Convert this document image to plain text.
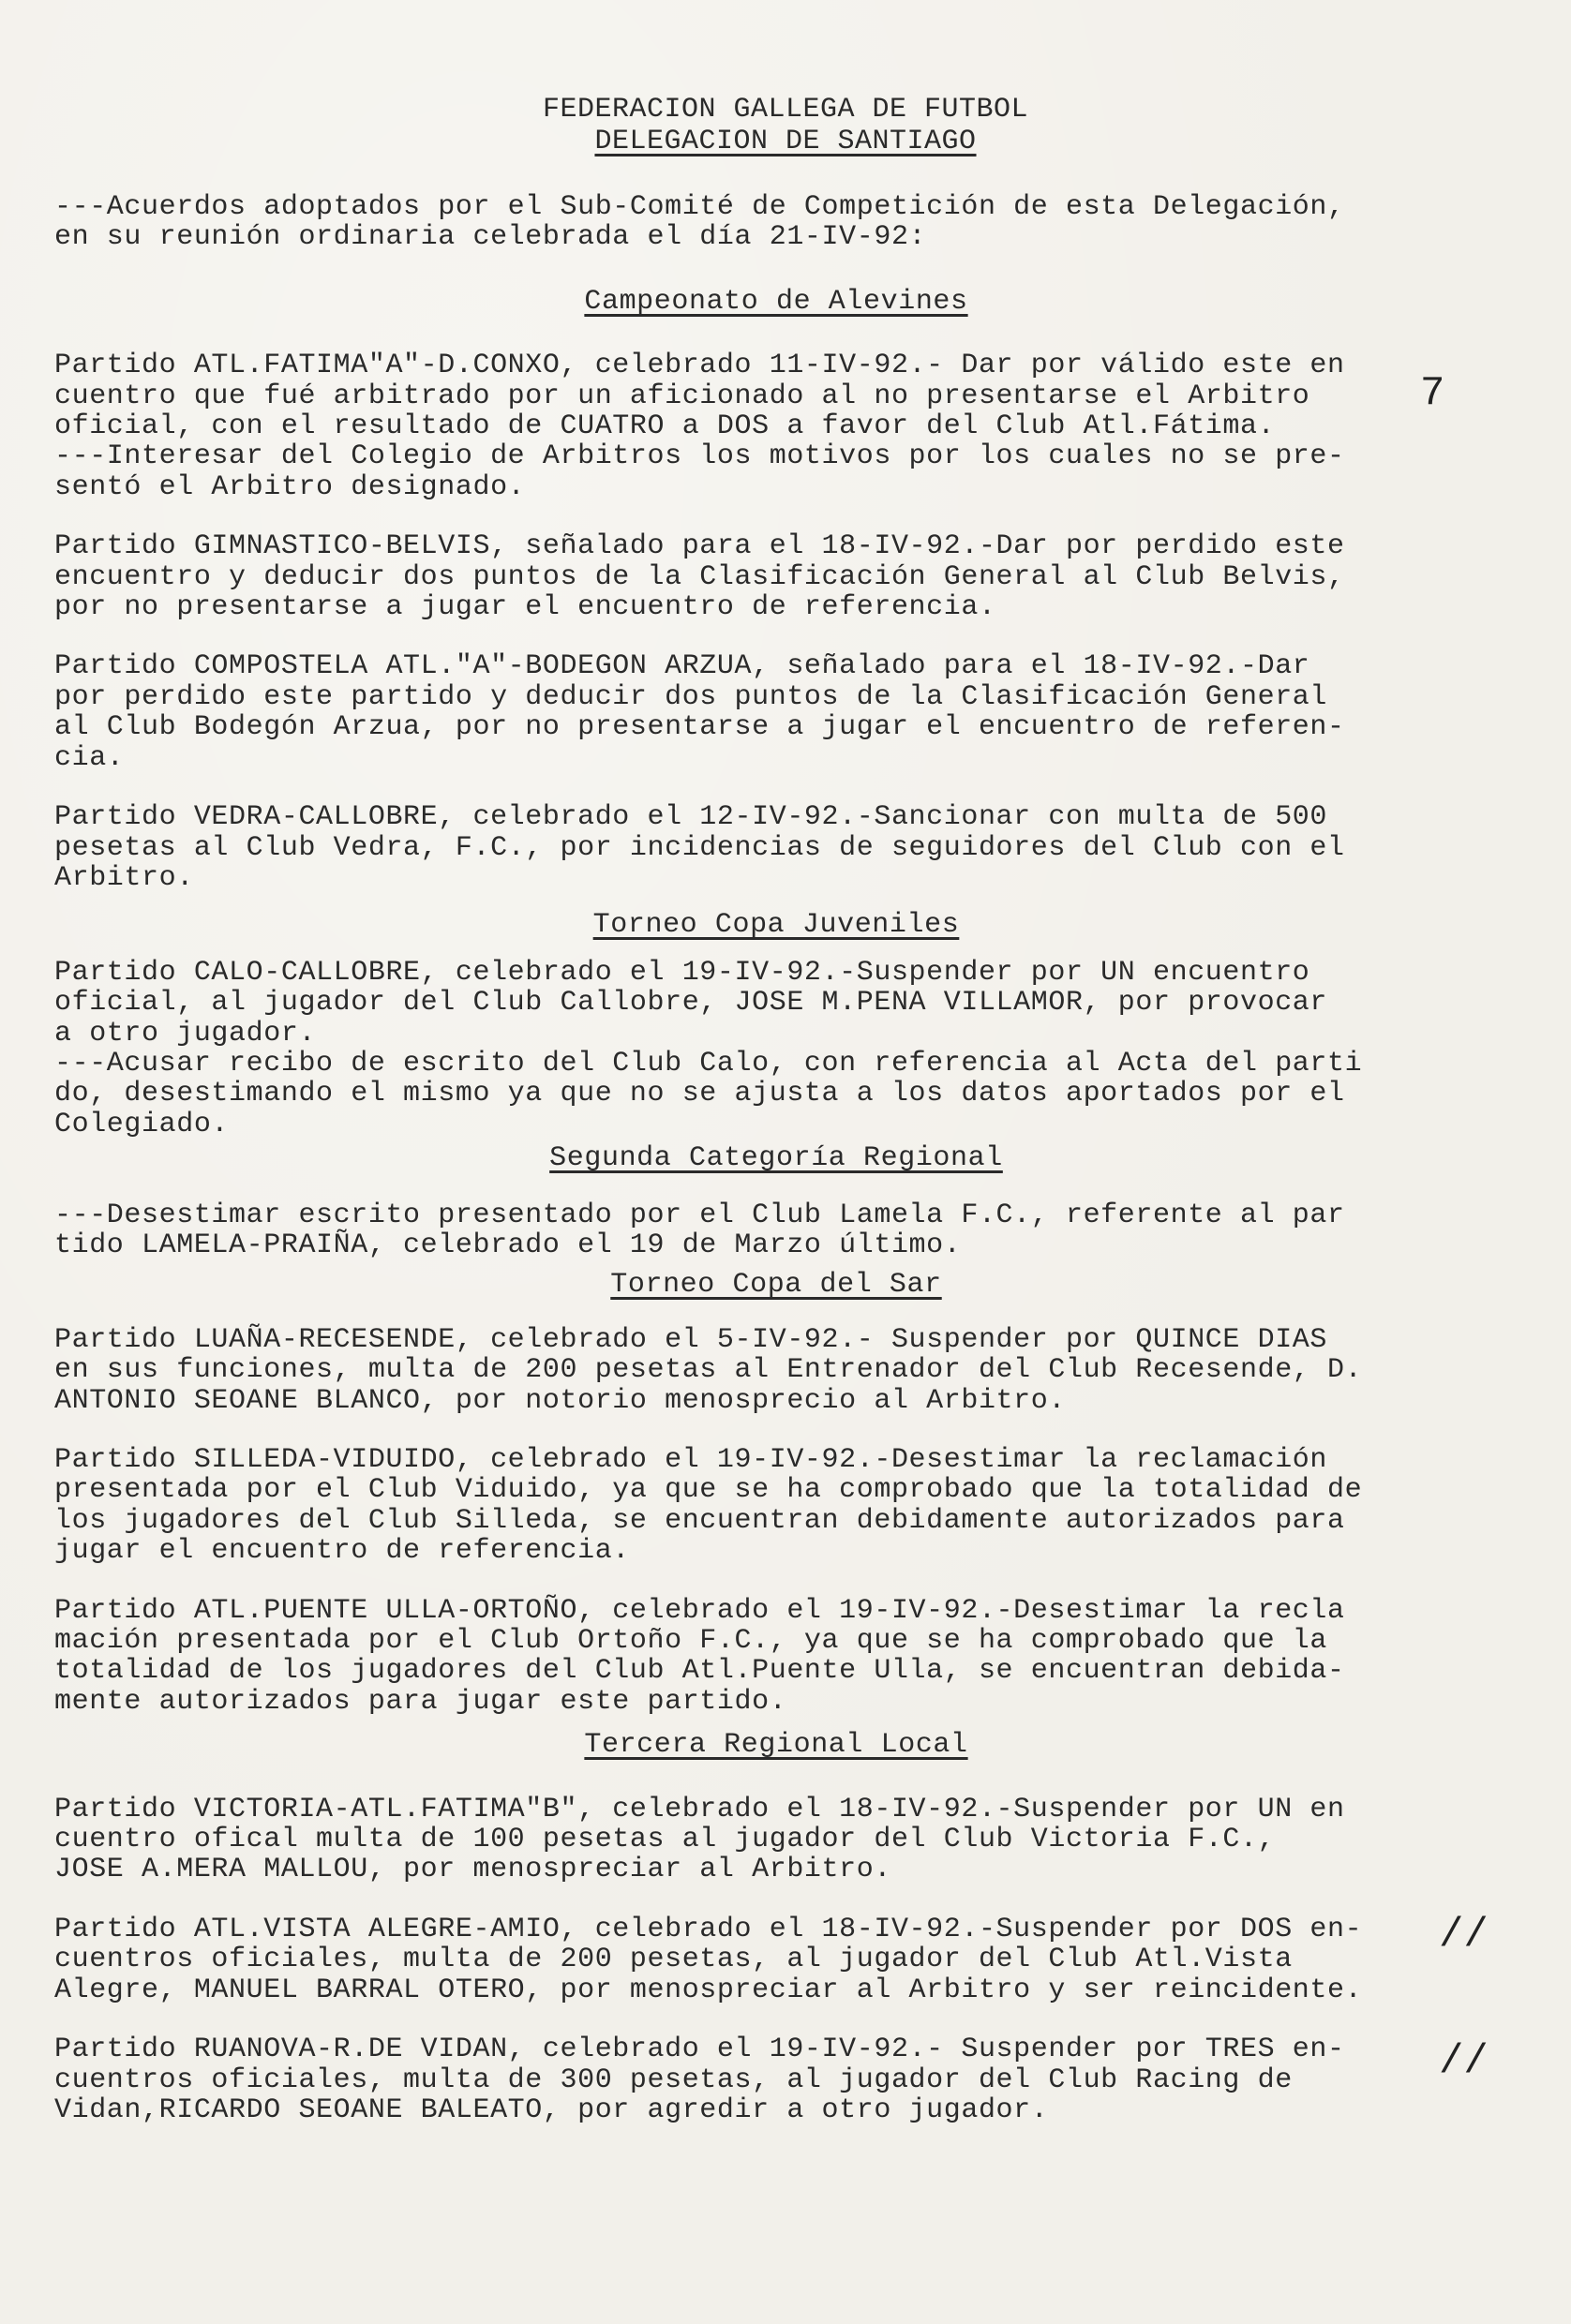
FEDERACION GALLEGA DE FUTBOL
DELEGACION DE SANTIAGO

---Acuerdos adoptados por el Sub-Comité de Competición de esta Delegación,
en su reunión ordinaria celebrada el día 21-IV-92:

Campeonato de Alevines

Partido ATL.FATIMA"A"-D.CONXO, celebrado 11-IV-92.- Dar por válido este en
cuentro que fué arbitrado por un aficionado al no presentarse el Arbitro
oficial, con el resultado de CUATRO a DOS a favor del Club Atl.Fátima.
---Interesar del Colegio de Arbitros los motivos por los cuales no se pre-
sentó el Arbitro designado.

Partido GIMNASTICO-BELVIS, señalado para el 18-IV-92.-Dar por perdido este
encuentro y deducir dos puntos de la Clasificación General al Club Belvis,
por no presentarse a jugar el encuentro de referencia.

Partido COMPOSTELA ATL."A"-BODEGON ARZUA, señalado para el 18-IV-92.-Dar
por perdido este partido y deducir dos puntos de la Clasificación General
al Club Bodegón Arzua, por no presentarse a jugar el encuentro de referen-
cia.

Partido VEDRA-CALLOBRE, celebrado el 12-IV-92.-Sancionar con multa de 500
pesetas al Club Vedra, F.C., por incidencias de seguidores del Club con el
Arbitro.

Torneo Copa Juveniles

Partido CALO-CALLOBRE, celebrado el 19-IV-92.-Suspender por UN encuentro
oficial, al jugador del Club Callobre, JOSE M.PENA VILLAMOR, por provocar
a otro jugador.
---Acusar recibo de escrito del Club Calo, con referencia al Acta del parti
do, desestimando el mismo ya que no se ajusta a los datos aportados por el
Colegiado.

Segunda Categoría Regional

---Desestimar escrito presentado por el Club Lamela F.C., referente al par
tido LAMELA-PRAIÑA, celebrado el 19 de Marzo último.

Torneo Copa del Sar

Partido LUAÑA-RECESENDE, celebrado el 5-IV-92.- Suspender por QUINCE DIAS
en sus funciones, multa de 200 pesetas al Entrenador del Club Recesende, D.
ANTONIO SEOANE BLANCO, por notorio menosprecio al Arbitro.

Partido SILLEDA-VIDUIDO, celebrado el 19-IV-92.-Desestimar la reclamación
presentada por el Club Viduido, ya que se ha comprobado que la totalidad de
los jugadores del Club Silleda, se encuentran debidamente autorizados para
jugar el encuentro de referencia.

Partido ATL.PUENTE ULLA-ORTOÑO, celebrado el 19-IV-92.-Desestimar la recla
mación presentada por el Club Ortoño F.C., ya que se ha comprobado que la
totalidad de los jugadores del Club Atl.Puente Ulla, se encuentran debida-
mente autorizados para jugar este partido.

Tercera Regional Local

Partido VICTORIA-ATL.FATIMA"B", celebrado el 18-IV-92.-Suspender por UN en
cuentro ofical multa de 100 pesetas al jugador del Club Victoria F.C.,
JOSE A.MERA MALLOU, por menospreciar al Arbitro.

Partido ATL.VISTA ALEGRE-AMIO, celebrado el 18-IV-92.-Suspender por DOS en-
cuentros oficiales, multa de 200 pesetas, al jugador del Club Atl.Vista
Alegre, MANUEL BARRAL OTERO, por menospreciar al Arbitro y ser reincidente.

Partido RUANOVA-R.DE VIDAN, celebrado el 19-IV-92.- Suspender por TRES en-
cuentros oficiales, multa de 300 pesetas, al jugador del Club Racing de
Vidan,RICARDO SEOANE BALEATO, por agredir a otro jugador.

7
//
//
